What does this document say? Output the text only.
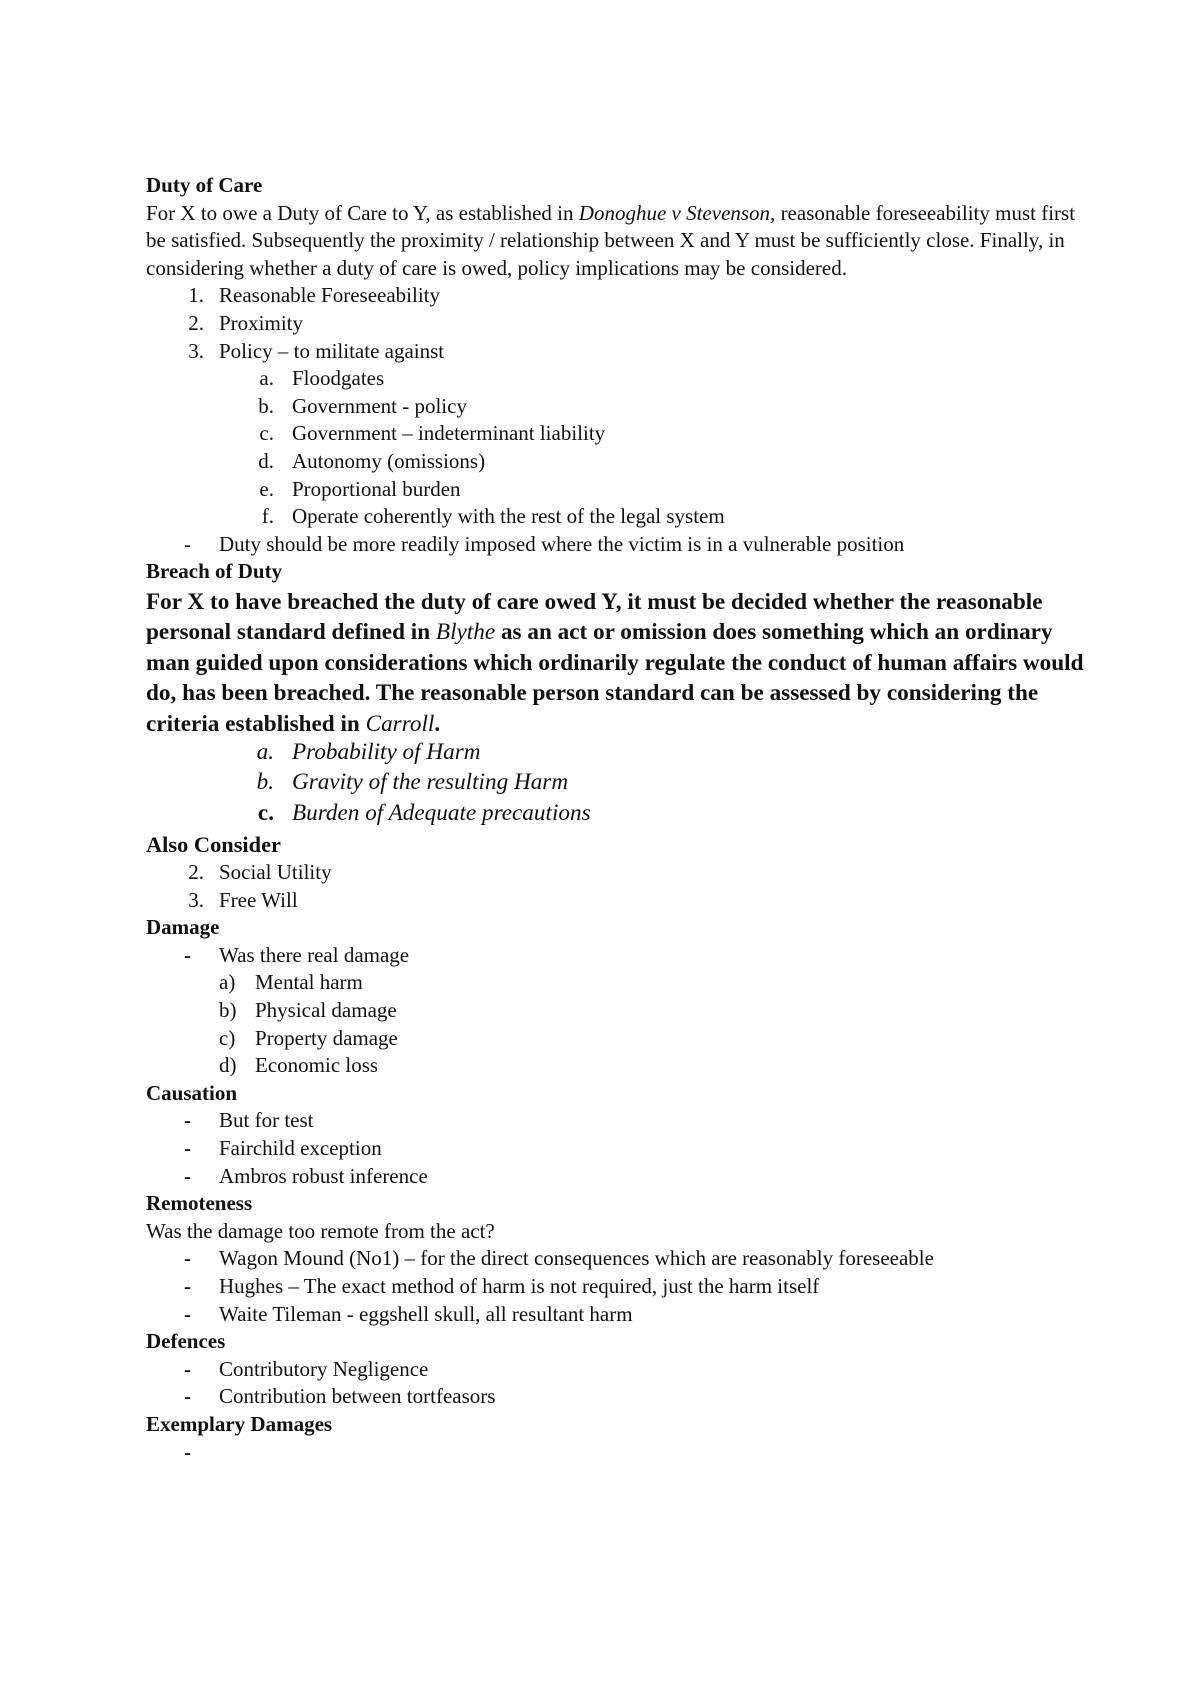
Duty of Care
For X to owe a Duty of Care to Y, as established in Donoghue v Stevenson, reasonable foreseeability must first be satisfied. Subsequently the proximity / relationship between X and Y must be sufficiently close. Finally, in considering whether a duty of care is owed, policy implications may be considered.
1. Reasonable Foreseeability
2. Proximity
3. Policy – to militate against
a. Floodgates
b. Government - policy
c. Government – indeterminant liability
d. Autonomy (omissions)
e. Proportional burden
f. Operate coherently with the rest of the legal system
- Duty should be more readily imposed where the victim is in a vulnerable position
Breach of Duty
For X to have breached the duty of care owed Y, it must be decided whether the reasonable personal standard defined in Blythe as an act or omission does something which an ordinary man guided upon considerations which ordinarily regulate the conduct of human affairs would do, has been breached. The reasonable person standard can be assessed by considering the criteria established in Carroll.
a. Probability of Harm
b. Gravity of the resulting Harm
c. Burden of Adequate precautions
Also Consider
2. Social Utility
3. Free Will
Damage
- Was there real damage
a) Mental harm
b) Physical damage
c) Property damage
d) Economic loss
Causation
- But for test
- Fairchild exception
- Ambros robust inference
Remoteness
Was the damage too remote from the act?
- Wagon Mound (No1) – for the direct consequences which are reasonably foreseeable
- Hughes – The exact method of harm is not required, just the harm itself
- Waite Tileman - eggshell skull, all resultant harm
Defences
- Contributory Negligence
- Contribution between tortfeasors
Exemplary Damages
-
